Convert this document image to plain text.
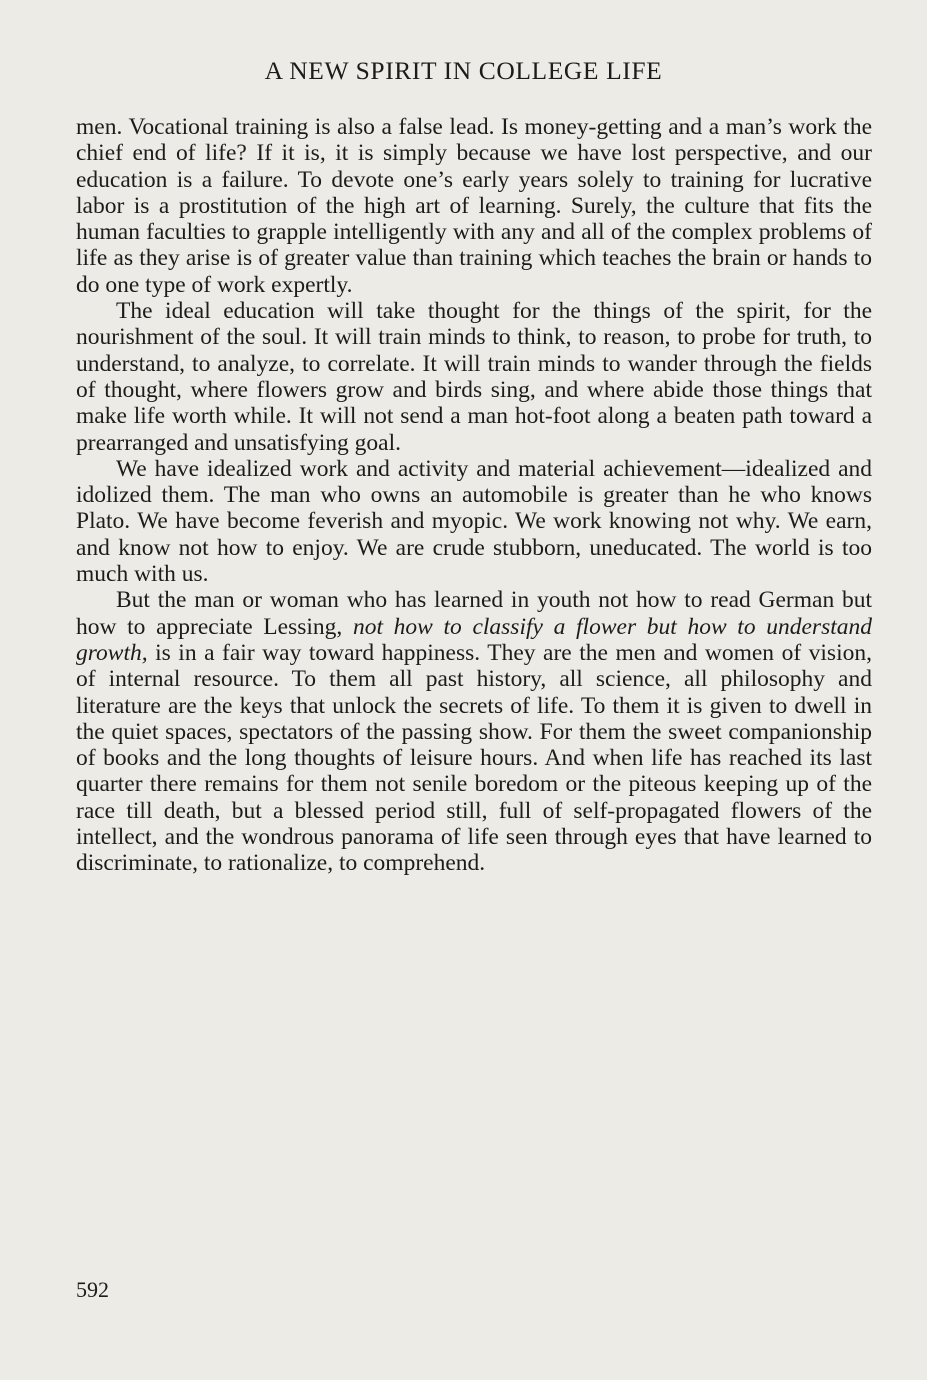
A NEW SPIRIT IN COLLEGE LIFE

men. Vocational training is also a false lead. Is money-getting and a man’s work the chief end of life? If it is, it is simply because we have lost perspective, and our education is a failure. To devote one’s early years solely to training for lucrative labor is a prostitution of the high art of learning. Surely, the culture that fits the human faculties to grapple intelligently with any and all of the complex problems of life as they arise is of greater value than training which teaches the brain or hands to do one type of work expertly.

The ideal education will take thought for the things of the spirit, for the nourishment of the soul. It will train minds to think, to reason, to probe for truth, to understand, to analyze, to correlate. It will train minds to wander through the fields of thought, where flowers grow and birds sing, and where abide those things that make life worth while. It will not send a man hot-foot along a beaten path toward a prearranged and unsatisfying goal.

We have idealized work and activity and material achievement—idealized and idolized them. The man who owns an automobile is greater than he who knows Plato. We have become feverish and myopic. We work knowing not why. We earn, and know not how to enjoy. We are crude stubborn, uneducated. The world is too much with us.

But the man or woman who has learned in youth not how to read German but how to appreciate Lessing, not how to classify a flower but how to understand growth, is in a fair way toward happiness. They are the men and women of vision, of internal resource. To them all past history, all science, all philosophy and literature are the keys that unlock the secrets of life. To them it is given to dwell in the quiet spaces, spectators of the passing show. For them the sweet companionship of books and the long thoughts of leisure hours. And when life has reached its last quarter there remains for them not senile boredom or the piteous keeping up of the race till death, but a blessed period still, full of self-propagated flowers of the intellect, and the wondrous panorama of life seen through eyes that have learned to discriminate, to rationalize, to comprehend.

592
